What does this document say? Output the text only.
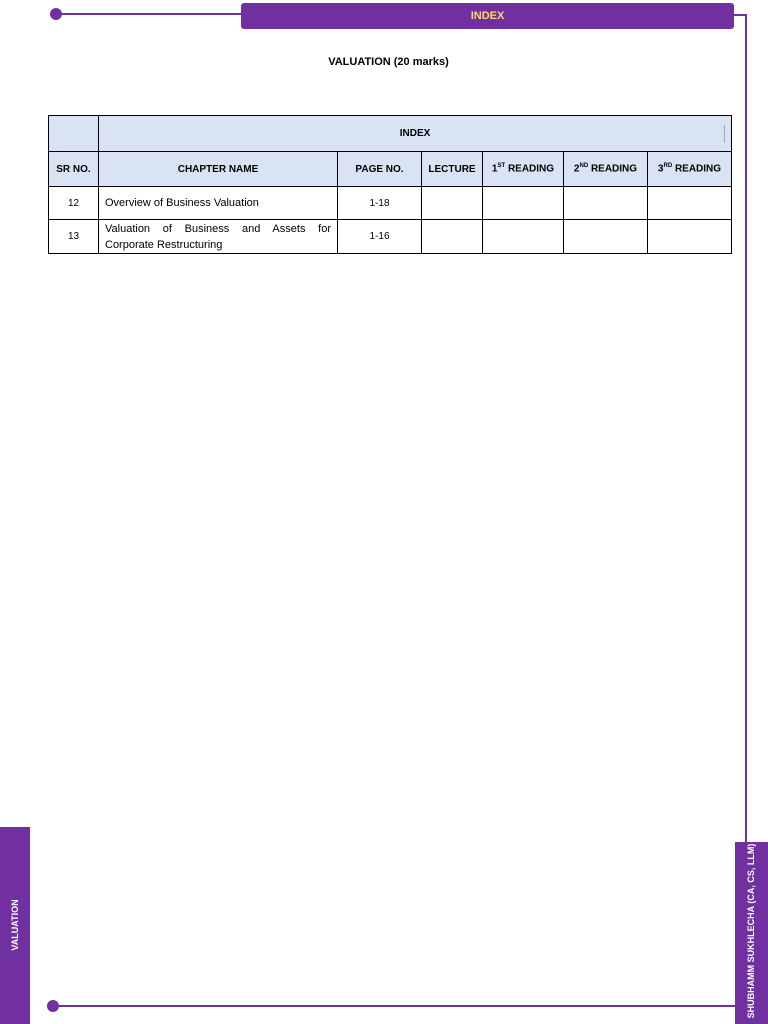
INDEX
VALUATION	SHUBHAMM SUKHLECHA (CA, CS, LLM)
VALUATION (20 marks)
	INDEX					

SR NO.	CHAPTER NAME	PAGE NO.	LECTURE	1ST READING	2ND READING	3RD READING
12	Overview of Business Valuation	1-18				
13	Valuation of Business and Assets for Corporate Restructuring	1-16				
